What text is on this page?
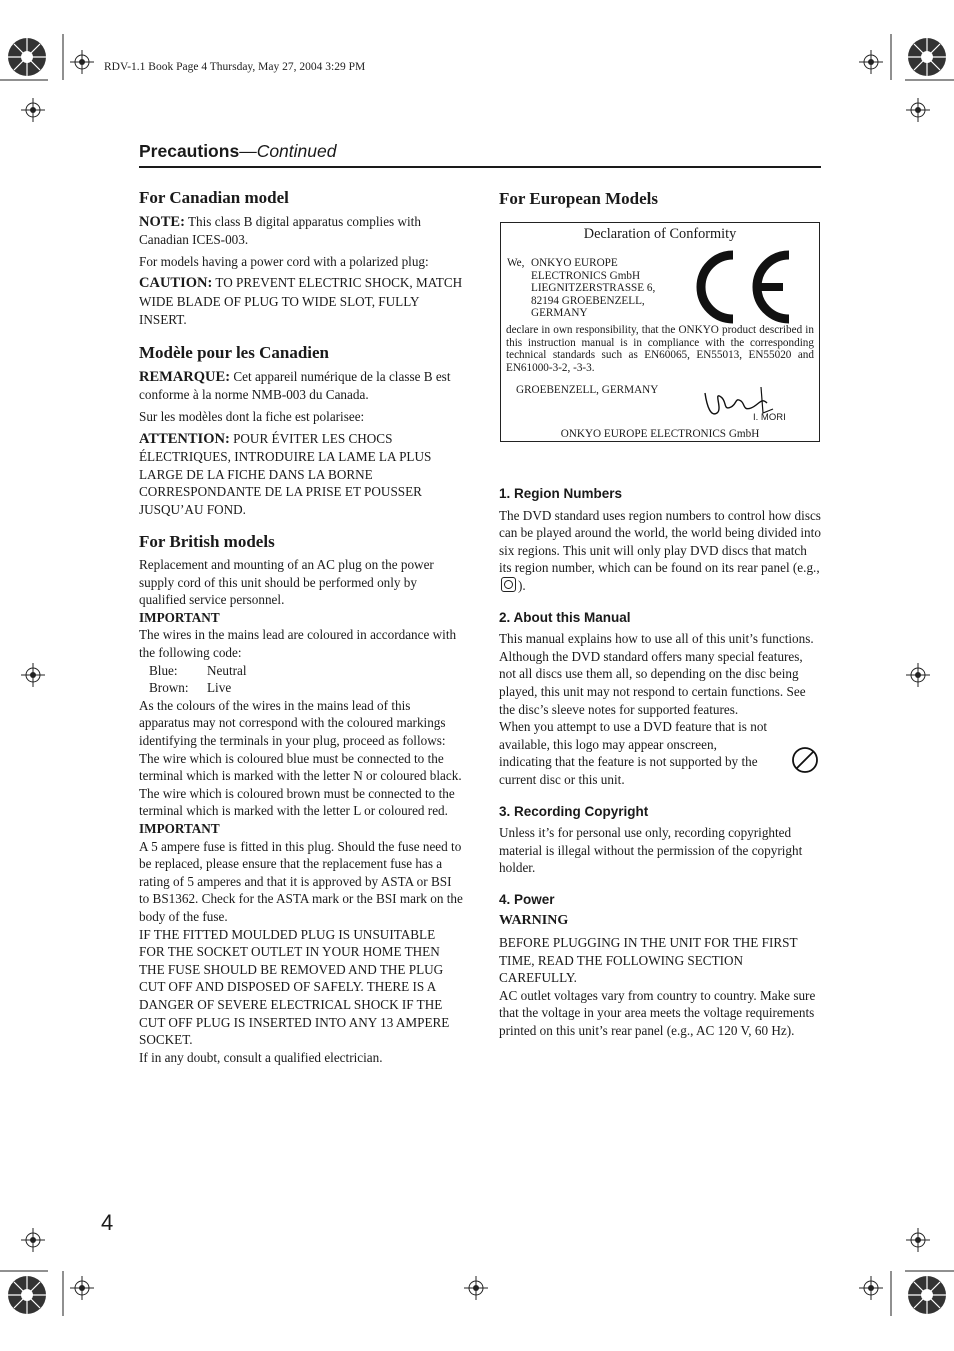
RDV-1.1 Book Page 4 Thursday, May 27, 2004 3:29 PM
Precautions—Continued
For Canadian model

NOTE: This class B digital apparatus complies with Canadian ICES-003.

For models having a power cord with a polarized plug:

CAUTION: TO PREVENT ELECTRIC SHOCK, MATCH WIDE BLADE OF PLUG TO WIDE SLOT, FULLY INSERT.

Modèle pour les Canadien

REMARQUE: Cet appareil numérique de la classe B est conforme à la norme NMB-003 du Canada.

Sur les modèles dont la fiche est polarisee:

ATTENTION: POUR ÉVITER LES CHOCS ÉLECTRIQUES, INTRODUIRE LA LAME LA PLUS LARGE DE LA FICHE DANS LA BORNE CORRESPONDANTE DE LA PRISE ET POUSSER JUSQU’AU FOND.

For British models

Replacement and mounting of an AC plug on the power supply cord of this unit should be performed only by qualified service personnel.

IMPORTANT

The wires in the mains lead are coloured in accordance with the following code:

Blue:	Neutral
Brown:	Live

As the colours of the wires in the mains lead of this apparatus may not correspond with the coloured markings identifying the terminals in your plug, proceed as follows:

The wire which is coloured blue must be connected to the terminal which is marked with the letter N or coloured black.

The wire which is coloured brown must be connected to the terminal which is marked with the letter L or coloured red.

IMPORTANT

A 5 ampere fuse is fitted in this plug. Should the fuse need to be replaced, please ensure that the replacement fuse has a rating of 5 amperes and that it is approved by ASTA or BSI to BS1362. Check for the ASTA mark or the BSI mark on the body of the fuse.

IF THE FITTED MOULDED PLUG IS UNSUITABLE FOR THE SOCKET OUTLET IN YOUR HOME THEN THE FUSE SHOULD BE REMOVED AND THE PLUG CUT OFF AND DISPOSED OF SAFELY. THERE IS A DANGER OF SEVERE ELECTRICAL SHOCK IF THE CUT OFF PLUG IS INSERTED INTO ANY 13 AMPERE SOCKET.

If in any doubt, consult a qualified electrician.

For European Models
Declaration of Conformity
We, ONKYO EUROPE
ELECTRONICS GmbH
LIEGNITZERSTRASSE 6,
82194 GROEBENZELL,
GERMANY
declare in own responsibility, that the ONKYO product described in this instruction manual is in compliance with the corresponding technical standards such as EN60065, EN55013, EN55020 and EN61000-3-2, -3-3.
GROEBENZELL, GERMANY
I. MORI
ONKYO EUROPE ELECTRONICS GmbH
1. Region Numbers

The DVD standard uses region numbers to control how discs can be played around the world, the world being divided into six regions. This unit will only play DVD discs that match its region number, which can be found on its rear panel (e.g.,
).

2. About this Manual

This manual explains how to use all of this unit’s functions. Although the DVD standard offers many special features, not all discs use them all, so depending on the disc being played, this unit may not respond to certain functions. See the disc’s sleeve notes for supported features.

When you attempt to use a DVD feature that is not available, this logo may appear onscreen, indicating that the feature is not supported by the current disc or this unit.

3. Recording Copyright

Unless it’s for personal use only, recording copyrighted material is illegal without the permission of the copyright holder.

4. Power

WARNING

BEFORE PLUGGING IN THE UNIT FOR THE FIRST TIME, READ THE FOLLOWING SECTION CAREFULLY.

AC outlet voltages vary from country to country. Make sure that the voltage in your area meets the voltage requirements printed on this unit’s rear panel (e.g., AC 120 V, 60 Hz).

4
